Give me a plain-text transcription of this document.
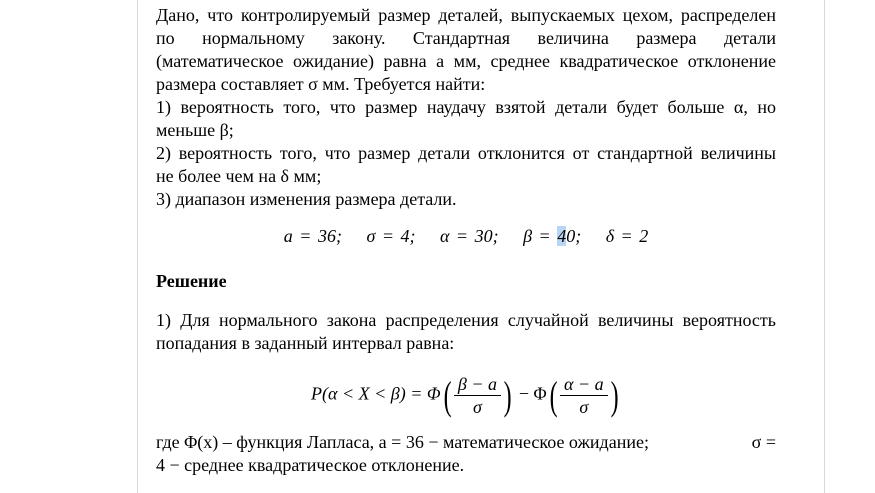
Дано, что контролируемый размер деталей, выпускаемых цехом, распределен
по нормальному закону. Стандартная величина размера детали
(математическое ожидание) равна a мм, среднее квадратическое отклонение
размера составляет σ мм. Требуется найти:
1) вероятность того, что размер наудачу взятой детали будет больше α, но
меньше β;
2) вероятность того, что размер детали отклонится от стандартной величины
не более чем на δ мм;
3) диапазон изменения размера детали.
a = 36; σ = 4; α = 30; β = 40; δ = 2
Решение
1) Для нормального закона распределения случайной величины вероятность
попадания в заданный интервал равна:
$P(\alpha < X < \beta) = \Phi( \frac{\beta - a}{\sigma}$ ) − $\Phi( \frac{\alpha - a}{\sigma}$ )
где Φ(x) – функция Лапласа, a = 36 − математическое ожидание;	σ =
4 − среднее квадратическое отклонение.
